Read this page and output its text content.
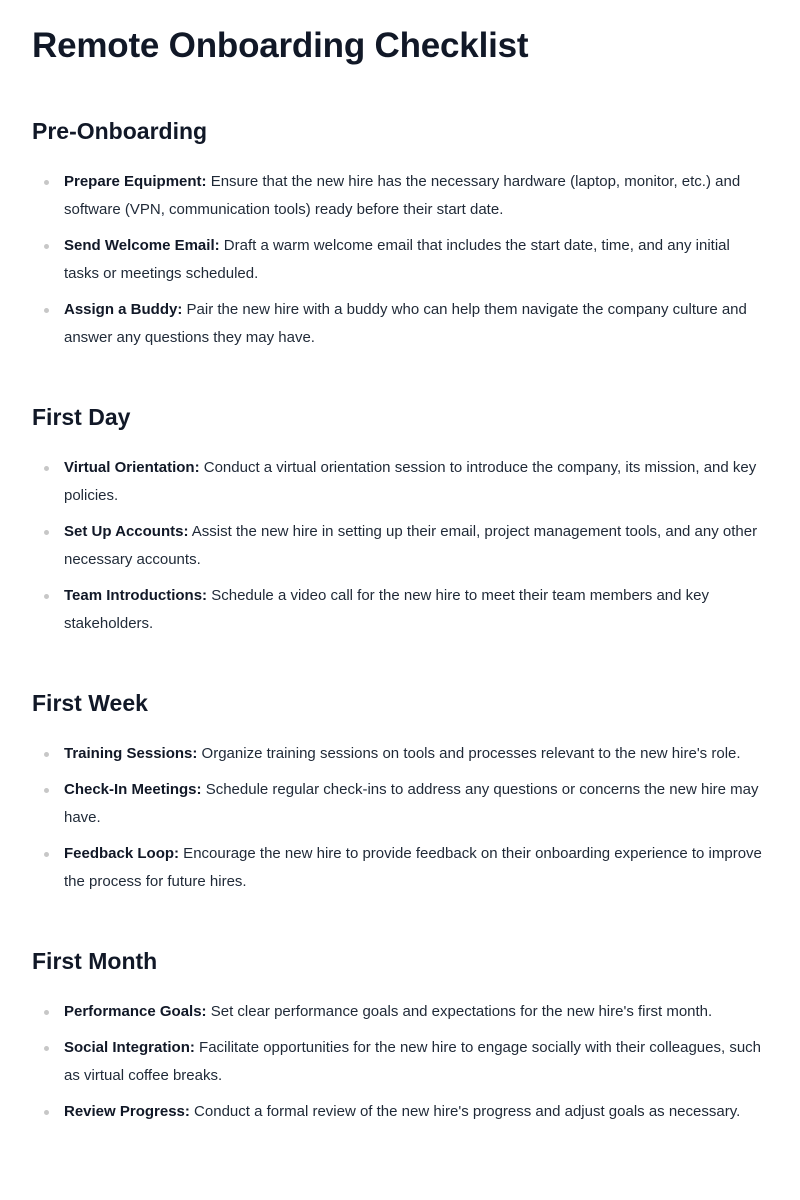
Remote Onboarding Checklist
Pre-Onboarding
Prepare Equipment: Ensure that the new hire has the necessary hardware (laptop, monitor, etc.) and software (VPN, communication tools) ready before their start date.
Send Welcome Email: Draft a warm welcome email that includes the start date, time, and any initial tasks or meetings scheduled.
Assign a Buddy: Pair the new hire with a buddy who can help them navigate the company culture and answer any questions they may have.
First Day
Virtual Orientation: Conduct a virtual orientation session to introduce the company, its mission, and key policies.
Set Up Accounts: Assist the new hire in setting up their email, project management tools, and any other necessary accounts.
Team Introductions: Schedule a video call for the new hire to meet their team members and key stakeholders.
First Week
Training Sessions: Organize training sessions on tools and processes relevant to the new hire's role.
Check-In Meetings: Schedule regular check-ins to address any questions or concerns the new hire may have.
Feedback Loop: Encourage the new hire to provide feedback on their onboarding experience to improve the process for future hires.
First Month
Performance Goals: Set clear performance goals and expectations for the new hire's first month.
Social Integration: Facilitate opportunities for the new hire to engage socially with their colleagues, such as virtual coffee breaks.
Review Progress: Conduct a formal review of the new hire's progress and adjust goals as necessary.
